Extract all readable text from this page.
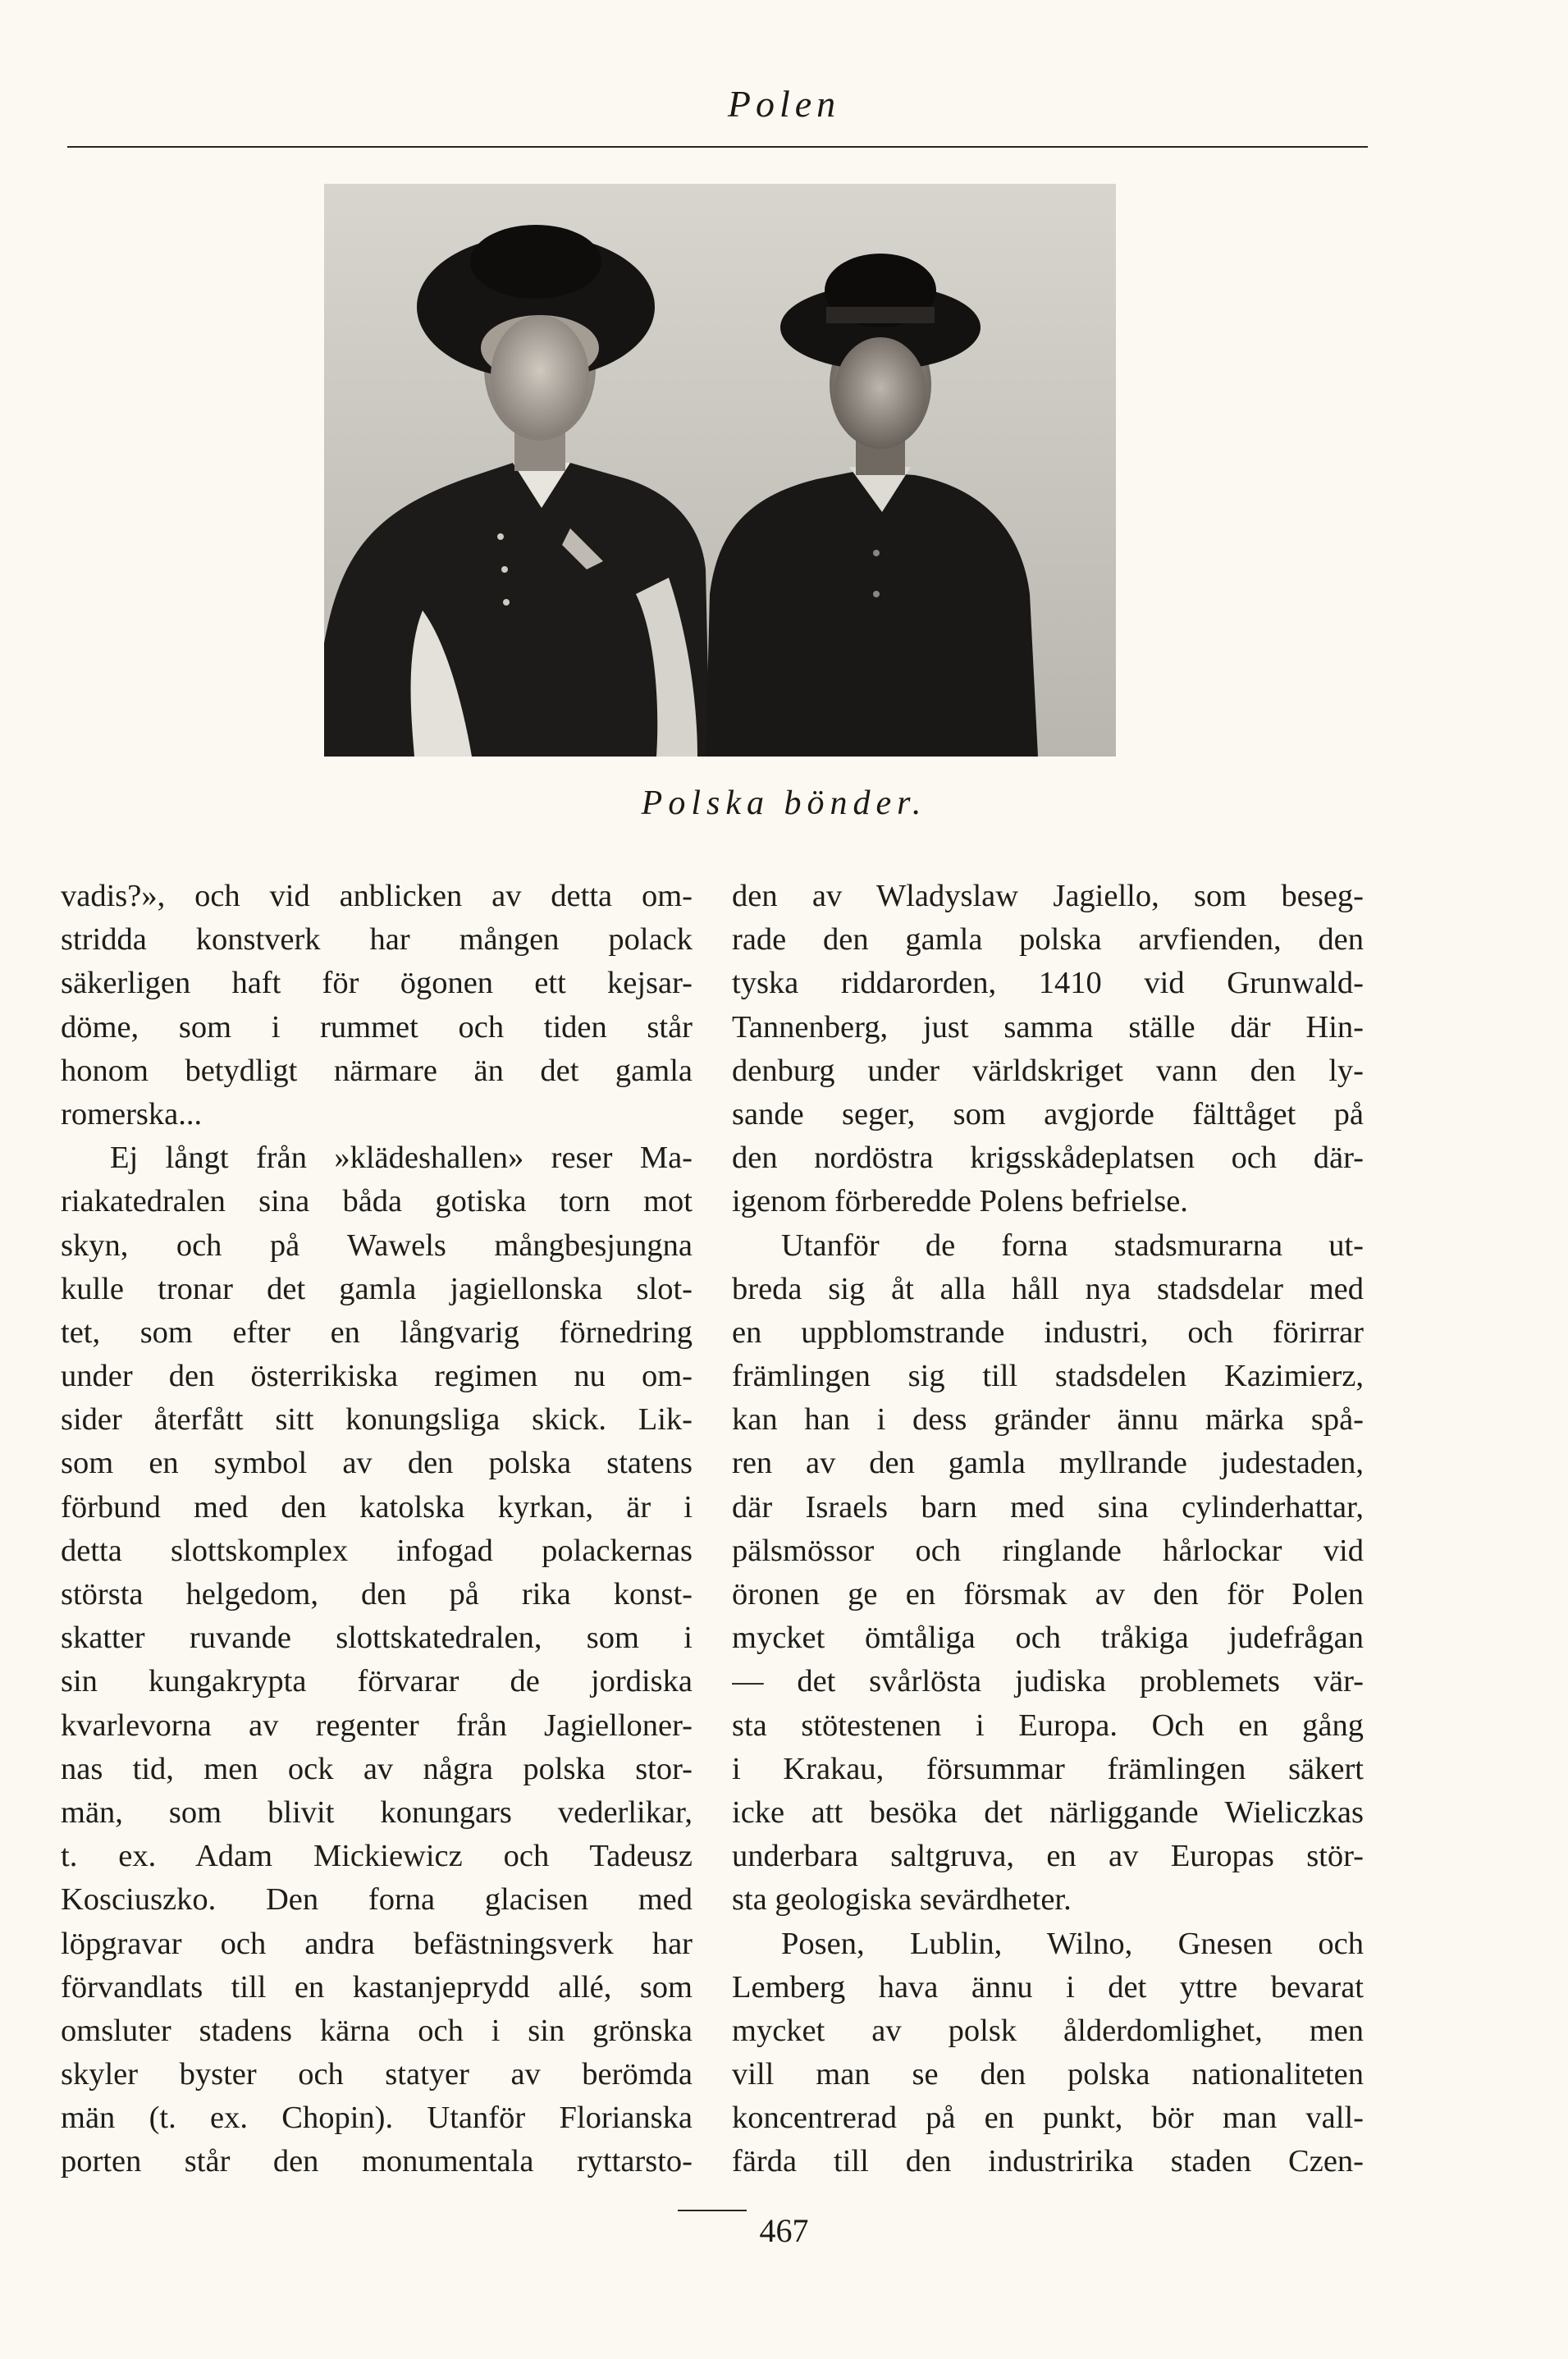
Polen
Polska bönder.
vadis?», och vid anblicken av detta om-
stridda konstverk har mången polack
säkerligen haft för ögonen ett kejsar-
döme, som i rummet och tiden står
honom betydligt närmare än det gamla
romerska...
Ej långt från »klädeshallen» reser Ma-
riakatedralen sina båda gotiska torn mot
skyn, och på Wawels mångbesjungna
kulle tronar det gamla jagiellonska slot-
tet, som efter en långvarig förnedring
under den österrikiska regimen nu om-
sider återfått sitt konungsliga skick. Lik-
som en symbol av den polska statens
förbund med den katolska kyrkan, är i
detta slottskomplex infogad polackernas
största helgedom, den på rika konst-
skatter ruvande slottskatedralen, som i
sin kungakrypta förvarar de jordiska
kvarlevorna av regenter från Jagielloner-
nas tid, men ock av några polska stor-
män, som blivit konungars vederlikar,
t. ex. Adam Mickiewicz och Tadeusz
Kosciuszko. Den forna glacisen med
löpgravar och andra befästningsverk har
förvandlats till en kastanjeprydd allé, som
omsluter stadens kärna och i sin grönska
skyler byster och statyer av berömda
män (t. ex. Chopin). Utanför Florianska
porten står den monumentala ryttarsto-
den av Wladyslaw Jagiello, som beseg-
rade den gamla polska arvfienden, den
tyska riddarorden, 1410 vid Grunwald-
Tannenberg, just samma ställe där Hin-
denburg under världskriget vann den ly-
sande seger, som avgjorde fälttåget på
den nordöstra krigsskådeplatsen och där-
igenom förberedde Polens befrielse.
Utanför de forna stadsmurarna ut-
breda sig åt alla håll nya stadsdelar med
en uppblomstrande industri, och förirrar
främlingen sig till stadsdelen Kazimierz,
kan han i dess gränder ännu märka spå-
ren av den gamla myllrande judestaden,
där Israels barn med sina cylinderhattar,
pälsmössor och ringlande hårlockar vid
öronen ge en försmak av den för Polen
mycket ömtåliga och tråkiga judefrågan
— det svårlösta judiska problemets vär-
sta stötestenen i Europa. Och en gång
i Krakau, försummar främlingen säkert
icke att besöka det närliggande Wieliczkas
underbara saltgruva, en av Europas stör-
sta geologiska sevärdheter.
Posen, Lublin, Wilno, Gnesen och
Lemberg hava ännu i det yttre bevarat
mycket av polsk ålderdomlighet, men
vill man se den polska nationaliteten
koncentrerad på en punkt, bör man vall-
färda till den industririka staden Czen-
467
